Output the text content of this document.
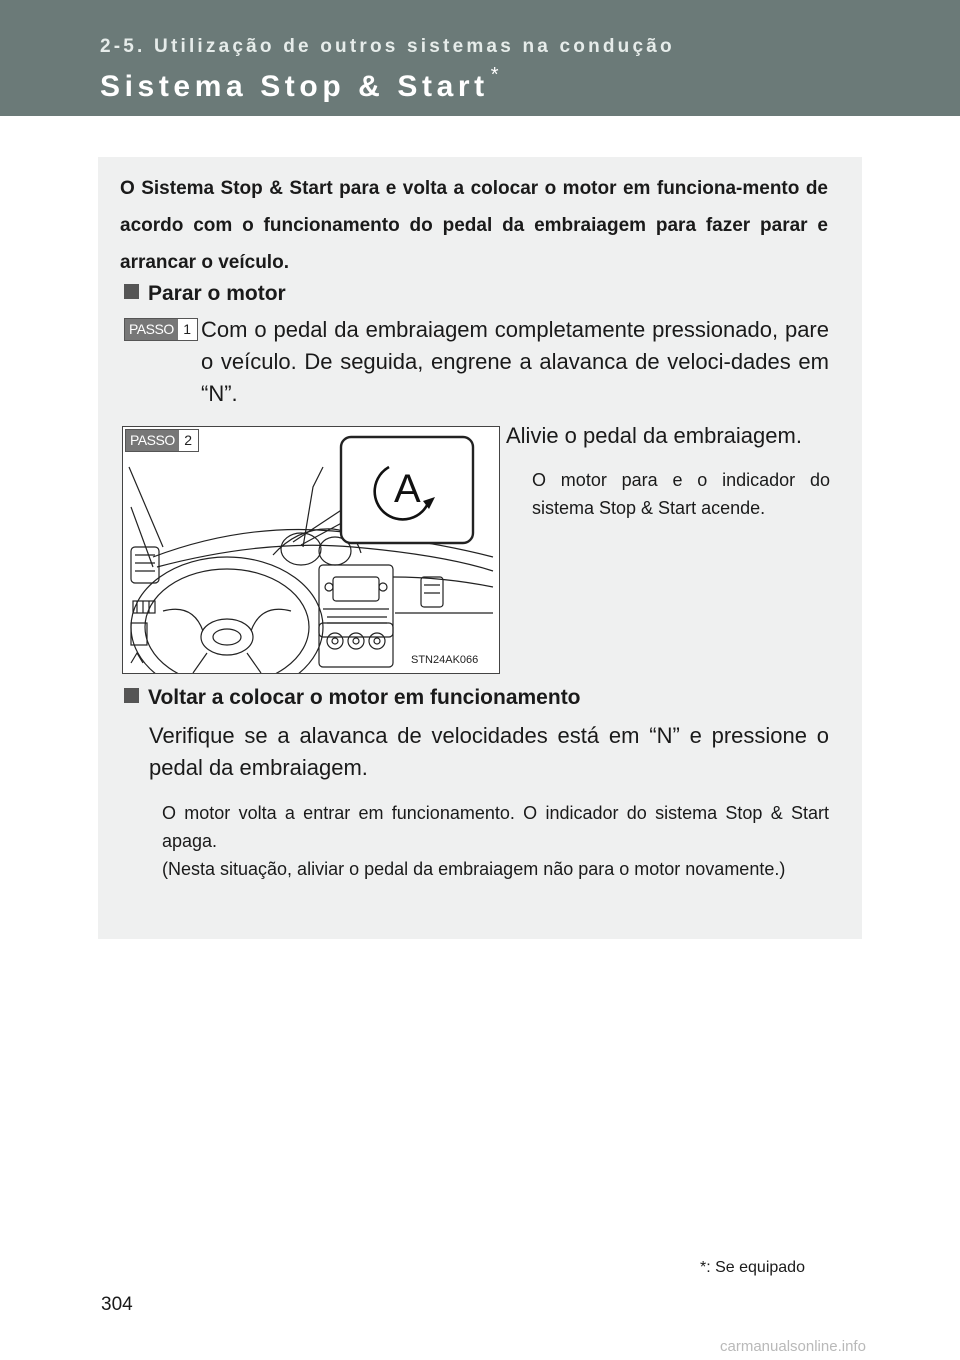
2-5. Utilização de outros sistemas na condução
Sistema Stop & Start *
O Sistema Stop & Start para e volta a colocar o motor em funciona-mento de acordo com o funcionamento do pedal da embraiagem para fazer parar e arrancar o veículo.
Parar o motor
PASSO 1 Com o pedal da embraiagem completamente pressionado, pare o veículo. De seguida, engrene a alavanca de veloci-dades em “N”.
Alivie o pedal da embraiagem.
O motor para e o indicador do sistema Stop & Start acende.
A
PASSO 2
STN24AK066
Voltar a colocar o motor em funcionamento
Verifique se a alavanca de velocidades está em “N” e pressione o pedal da embraiagem.
O motor volta a entrar em funcionamento. O indicador do sistema Stop & Start apaga.
(Nesta situação, aliviar o pedal da embraiagem não para o motor novamente.)
*: Se equipado
304
carmanualsonline.info
